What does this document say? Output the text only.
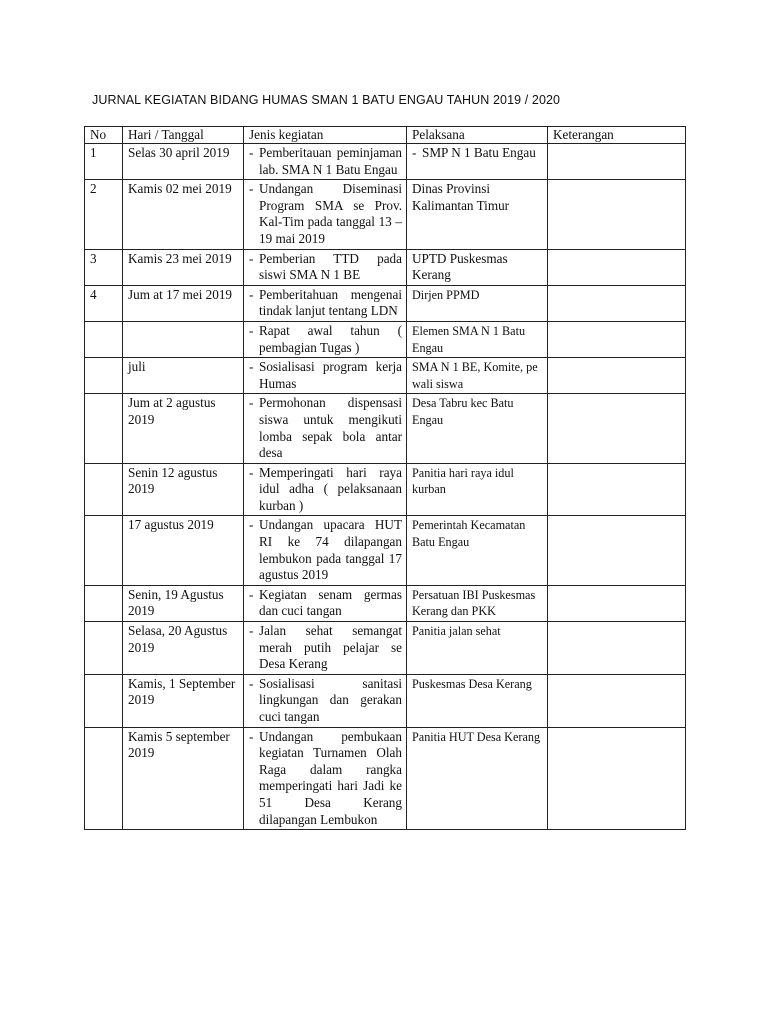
JURNAL KEGIATAN BIDANG HUMAS SMAN 1 BATU ENGAU TAHUN 2019 / 2020
No	Hari / Tanggal	Jenis kegiatan	Pelaksana	Keterangan
1	Selas 30 april 2019	- Pemberitauan peminjaman lab. SMA N 1 Batu Engau	- SMP N 1 Batu Engau	

2	Kamis 02 mei 2019	- Undangan Diseminasi Program SMA se Prov. Kal-Tim pada tanggal 13 – 19 mai 2019	Dinas Provinsi Kalimantan Timur	
3	Kamis 23 mei 2019	- Pemberian TTD pada siswi SMA N 1 BE	UPTD Puskesmas Kerang	
4	Jum at 17 mei 2019	- Pemberitahuan mengenai tindak lanjut tentang LDN	Dirjen PPMD	

		- Rapat awal tahun ( pembagian Tugas )	Elemen SMA N 1 Batu Engau	
	juli	- Sosialisasi program kerja Humas	SMA N 1 BE, Komite, pe wali siswa	
	Jum at 2 agustus 2019	- Permohonan dispensasi siswa untuk mengikuti lomba sepak bola antar desa	Desa Tabru kec Batu Engau	
	Senin 12 agustus 2019	- Memperingati hari raya idul adha ( pelaksanaan kurban )	Panitia hari raya idul kurban	
	17 agustus 2019	- Undangan upacara HUT RI ke 74 dilapangan lembukon pada tanggal 17 agustus 2019	Pemerintah Kecamatan Batu Engau	
	Senin, 19 Agustus 2019	- Kegiatan senam germas dan cuci tangan	Persatuan IBI Puskesmas Kerang dan PKK	
	Selasa, 20 Agustus 2019	- Jalan sehat semangat merah putih pelajar se Desa Kerang	Panitia jalan sehat	
	Kamis, 1 September 2019	- Sosialisasi sanitasi lingkungan dan gerakan cuci tangan	Puskesmas Desa Kerang	
	Kamis 5 september 2019	- Undangan pembukaan kegiatan Turnamen Olah Raga dalam rangka memperingati hari Jadi ke 51 Desa Kerang dilapangan Lembukon	Panitia HUT Desa Kerang	
